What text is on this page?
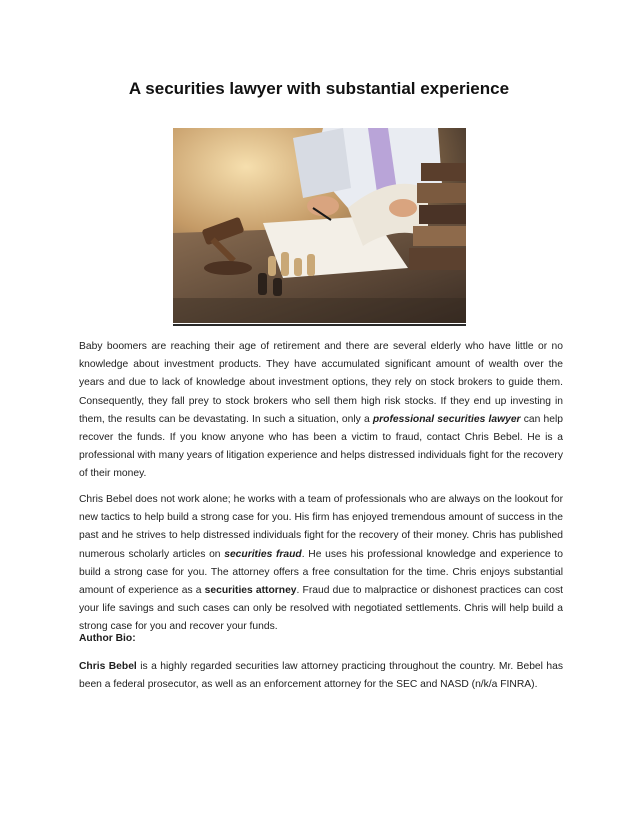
A securities lawyer with substantial experience
Baby boomers are reaching their age of retirement and there are several elderly who have little or no knowledge about investment products. They have accumulated significant amount of wealth over the years and due to lack of knowledge about investment options, they rely on stock brokers to guide them. Consequently, they fall prey to stock brokers who sell them high risk stocks. If they end up investing in them, the results can be devastating. In such a situation, only a professional securities lawyer can help recover the funds. If you know anyone who has been a victim to fraud, contact Chris Bebel. He is a professional with many years of litigation experience and helps distressed individuals fight for the recovery of their money.
Chris Bebel does not work alone; he works with a team of professionals who are always on the lookout for new tactics to help build a strong case for you. His firm has enjoyed tremendous amount of success in the past and he strives to help distressed individuals fight for the recovery of their money. Chris has published numerous scholarly articles on securities fraud. He uses his professional knowledge and experience to build a strong case for you. The attorney offers a free consultation for the time. Chris enjoys substantial amount of experience as a securities attorney. Fraud due to malpractice or dishonest practices can cost your life savings and such cases can only be resolved with negotiated settlements. Chris will help build a strong case for you and recover your funds.
Author Bio:
Chris Bebel is a highly regarded securities law attorney practicing throughout the country. Mr. Bebel has been a federal prosecutor, as well as an enforcement attorney for the SEC and NASD (n/k/a FINRA).
